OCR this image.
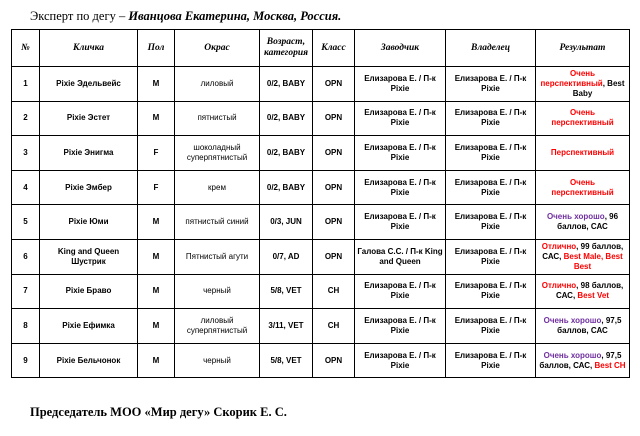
Эксперт по дегу – Иванцова Екатерина, Москва, Россия.
№	Кличка	Пол	Окрас	Возраст, категория	Класс	Заводчик	Владелец	Результат
1	Pixie Эдельвейс	M	лиловый	0/2, BABY	OPN	Елизарова Е. / П-к Pixie	Елизарова Е. / П-к Pixie	Очень перспективный, Best Baby
2	Pixie Эстет	M	пятнистый	0/2, BABY	OPN	Елизарова Е. / П-к Pixie	Елизарова Е. / П-к Pixie	Очень перспективный
3	Pixie Энигма	F	шоколадный суперпятнистый	0/2, BABY	OPN	Елизарова Е. / П-к Pixie	Елизарова Е. / П-к Pixie	Перспективный
4	Pixie Эмбер	F	крем	0/2, BABY	OPN	Елизарова Е. / П-к Pixie	Елизарова Е. / П-к Pixie	Очень перспективный
5	Pixie Юми	M	пятнистый синий	0/3, JUN	OPN	Елизарова Е. / П-к Pixie	Елизарова Е. / П-к Pixie	Очень хорошо, 96 баллов, САС
6	King and Queen Шустрик	M	Пятнистый агути	0/7, AD	OPN	Галова С.С. / П-к King and Queen	Елизарова Е. / П-к Pixie	Отлично, 99 баллов, САС, Best Male, Best Best
7	Pixie Браво	M	черный	5/8, VET	CH	Елизарова Е. / П-к Pixie	Елизарова Е. / П-к Pixie	Отлично, 98 баллов, САС, Best Vet
8	Pixie Ефимка	M	лиловый суперпятнистый	3/11, VET	CH	Елизарова Е. / П-к Pixie	Елизарова Е. / П-к Pixie	Очень хорошо, 97,5 баллов, САС
9	Pixie Бельчонок	M	черный	5/8, VET	OPN	Елизарова Е. / П-к Pixie	Елизарова Е. / П-к Pixie	Очень хорошо, 97,5 баллов, САС, Best CH
Председатель МОО «Мир дегу» Скорик Е. С.
